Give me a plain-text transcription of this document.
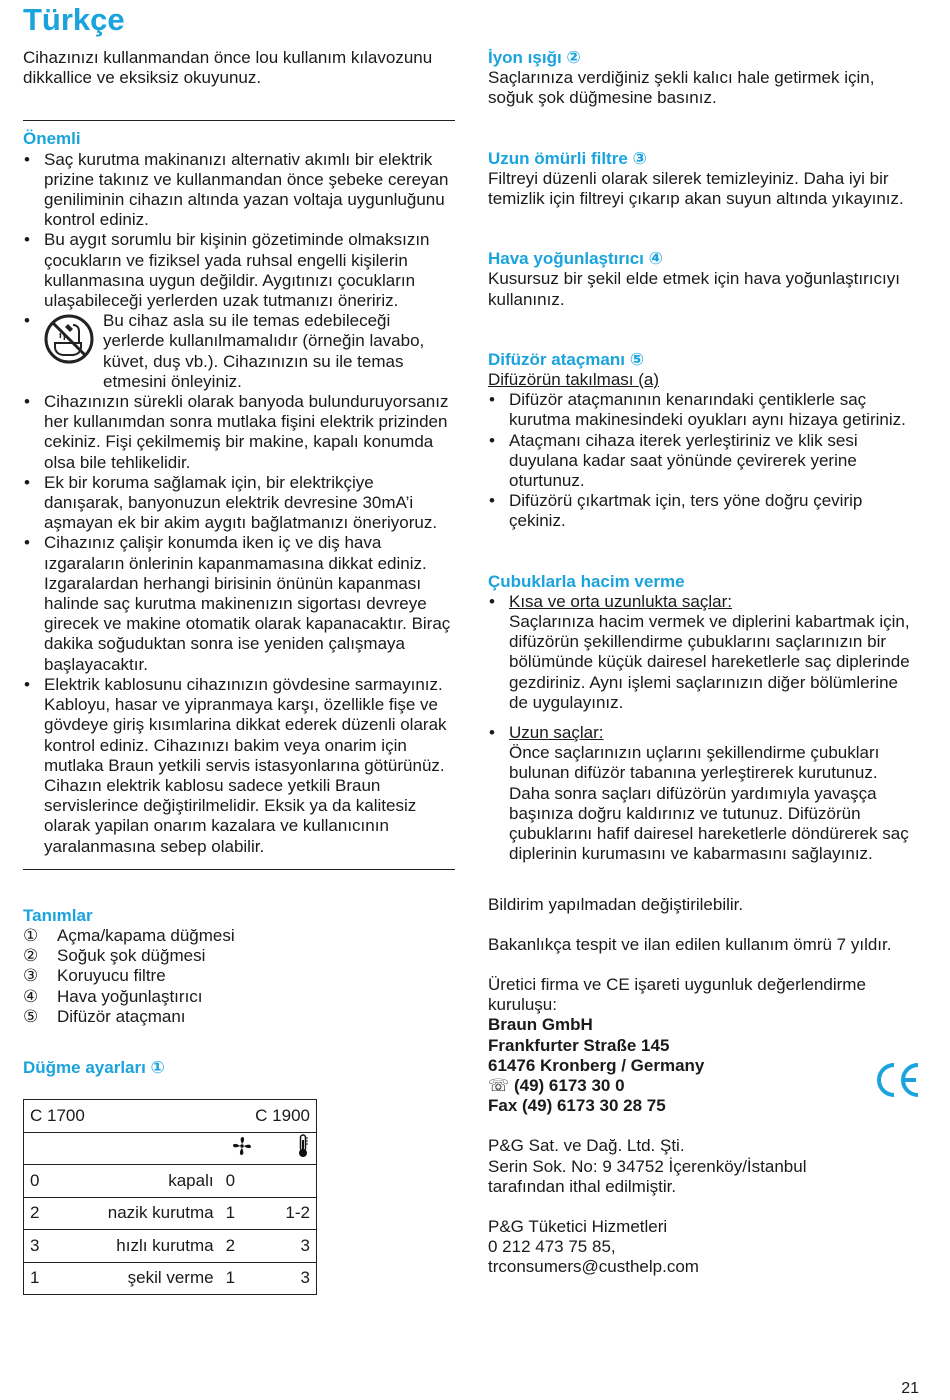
Türkçe

Cihazınızı kullanmandan önce lou kullanım kılavozunu dikkallice ve eksiksiz okuyunuz.

Önemli
• Saç kurutma makinanızı alternativ akımlı bir elektrik prizine takınız ve kullanmandan önce şebeke cereyan geniliminin cihazın altında yazan voltaja uygunluğunu kontrol ediniz.
• Bu aygıt sorumlu bir kişinin gözetiminde olmaksızın çocukların ve fiziksel yada ruhsal engelli kişilerin kullanmasına uygun değildir. Aygıtınızı çocukların ulaşabileceği yerlerden uzak tutmanızı öneririz.
•	Bu cihaz asla su ile temas edebileceği yerlerde kullanılmamalıdır (örneğin lavabo, küvet, duş vb.). Cihazınızın su ile temas etmesini önleyiniz.
• Cihazınızın sürekli olarak banyoda bulunduruyorsanız her kullanımdan sonra mutlaka fişini elektrik prizinden cekiniz. Fişi çekilmemiş bir makine, kapalı konumda olsa bile tehlikelidir.
• Ek bir koruma sağlamak için, bir elektrikçiye danışarak, banyonuzun elektrik devresine 30mA’i aşmayan ek bir akim aygıtı bağlatmanızı öneriyoruz.
• Cihazınız çalişir konumda iken iç ve diş hava ızgaraların önlerinin kapanmamasına dikkat ediniz. Izgaralardan herhangi birisinin önünün kapanması halinde saç kurutma makinenızın sigortası devreye girecek ve makine otomatik olarak kapanacaktır. Biraç dakika soğuduktan sonra ise yeniden çalışmaya başlayacaktır.
• Elektrik kablosunu cihazınızın gövdesine sarmayınız. Kabloyu, hasar ve yipranmaya karşı, özellikle fişe ve gövdeye giriş kısımlarina dikkat ederek düzenli olarak kontrol ediniz. Cihazınızı bakim veya onarim için mutlaka Braun yetkili servis istasyonlarına götürünüz. Cihazın elektrik kablosu sadece yetkili Braun servislerince değiştirilmelidir. Eksik ya da kalitesiz olarak yapilan onarım kazalara ve kullanıcının yaralanmasına sebep olabilir.
Tanımlar
① Açma/kapama düğmesi
② Soğuk şok düğmesi
③ Koruyucu filtre
④ Hava yoğunlaştırıcı
⑤ Difüzör ataçmanı
Düğme ayarları ①
C 1700		C 1900	

0	kapalı	0	
2	nazik kurutma	1	1-2
3	hızlı kurutma	2	3
1	şekil verme	1	3
İyon ışığı ②

Saçlarınıza verdiğiniz şekli kalıcı hale getirmek için, soğuk şok düğmesine basınız.

Uzun ömürli filtre ③

Filtreyi düzenli olarak silerek temizleyiniz. Daha iyi bir temizlik için filtreyi çıkarıp akan suyun altında yıkayınız.

Hava yoğunlaştırıcı ④

Kusursuz bir şekil elde etmek için hava yoğunlaştırıcıyı kullanınız.

Difüzör ataçmanı ⑤

Difüzörün takılması (a)

• Difüzör ataçmanının kenarındaki çentiklerle saç kurutma makinesindeki oyukları aynı hizaya getiriniz.
• Ataçmanı cihaza iterek yerleştiriniz ve klik sesi duyulana kadar saat yönünde çevirerek yerine oturtunuz.
• Difüzörü çıkartmak için, ters yöne doğru çevirip çekiniz.
Çubuklarla hacim verme
• Kısa ve orta uzunlukta saçlar:
Saçlarınıza hacim vermek ve diplerini kabartmak için, difüzörün şekillendirme çubuklarını saçlarınızın bir bölümünde küçük dairesel hareketlerle saç diplerinde gezdiriniz. Aynı işlemi saçlarınızın diğer bölümlerine de uygulayınız.
• Uzun saçlar:
Önce saçlarınızın uçlarını şekillendirme çubukları bulunan difüzör tabanına yerleştirerek kurutunuz. Daha sonra saçları difüzörün yardımıyla yavaşça başınıza doğru kaldırınız ve tutunuz. Difüzörün çubuklarını hafif dairesel hareketlerle döndürerek saç diplerinin kurumasını ve kabarmasını sağlayınız.

Bildirim yapılmadan değiştirilebilir.

Bakanlıkça tespit ve ilan edilen kullanım ömrü 7 yıldır.

Üretici firma ve CE işareti uygunluk değerlendirme kuruluşu:

Braun GmbH

Frankfurter Straße 145

61476 Kronberg / Germany

☏ (49) 6173 30 0

Fax (49) 6173 30 28 75

P&G Sat. ve Dağ. Ltd. Şti.

Serin Sok. No: 9 34752 İçerenköy/İstanbul

tarafından ithal edilmiştir.

P&G Tüketici Hizmetleri

0 212 473 75 85,

trconsumers@custhelp.com

21
